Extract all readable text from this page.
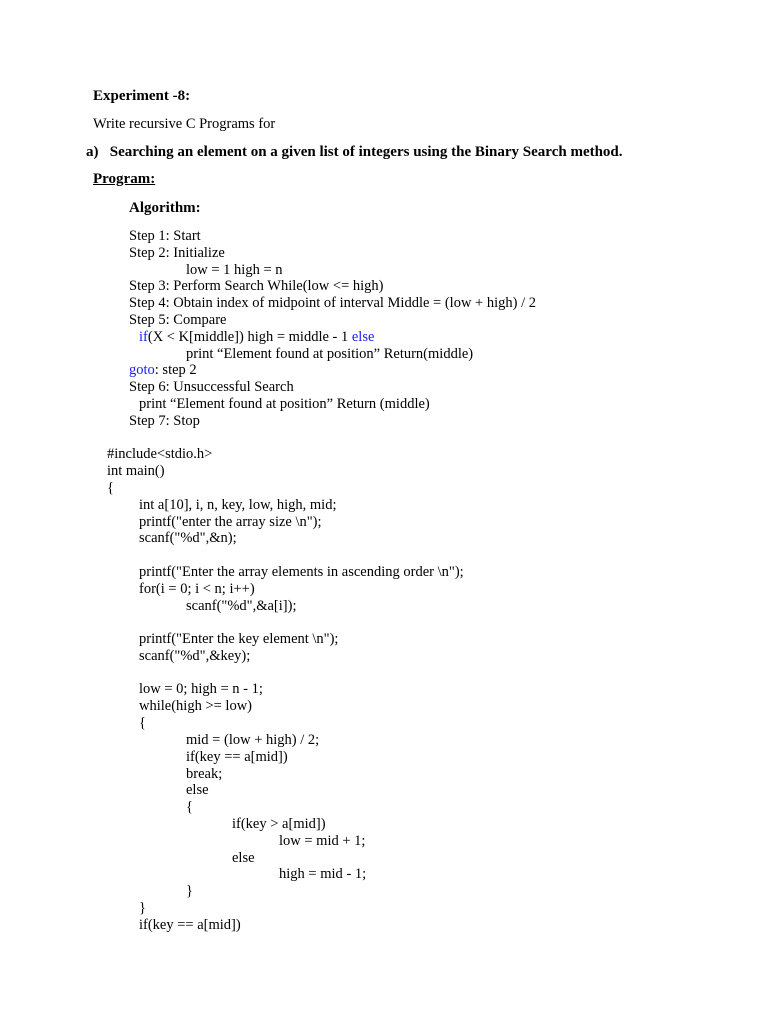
Experiment -8:
Write recursive C Programs for
a) Searching an element on a given list of integers using the Binary Search method.
Program:
Algorithm:
Step 1: Start
Step 2: Initialize
low = 1 high = n
Step 3: Perform Search While(low <= high)
Step 4: Obtain index of midpoint of interval Middle = (low + high) / 2
Step 5: Compare
if(X < K[middle]) high = middle - 1 else
print “Element found at position” Return(middle)
goto: step 2
Step 6: Unsuccessful Search
print “Element found at position” Return (middle)
Step 7: Stop
#include<stdio.h>
int main()
{
int a[10], i, n, key, low, high, mid;
printf("enter the array size \n");
scanf("%d",&n);
printf("Enter the array elements in ascending order \n");
for(i = 0; i < n; i++)
scanf("%d",&a[i]);
printf("Enter the key element \n");
scanf("%d",&key);
low = 0; high = n - 1;
while(high >= low)
{
mid = (low + high) / 2;
if(key == a[mid])
break;
else
{
if(key > a[mid])
low = mid + 1;
else
high = mid - 1;
}
}
if(key == a[mid])
